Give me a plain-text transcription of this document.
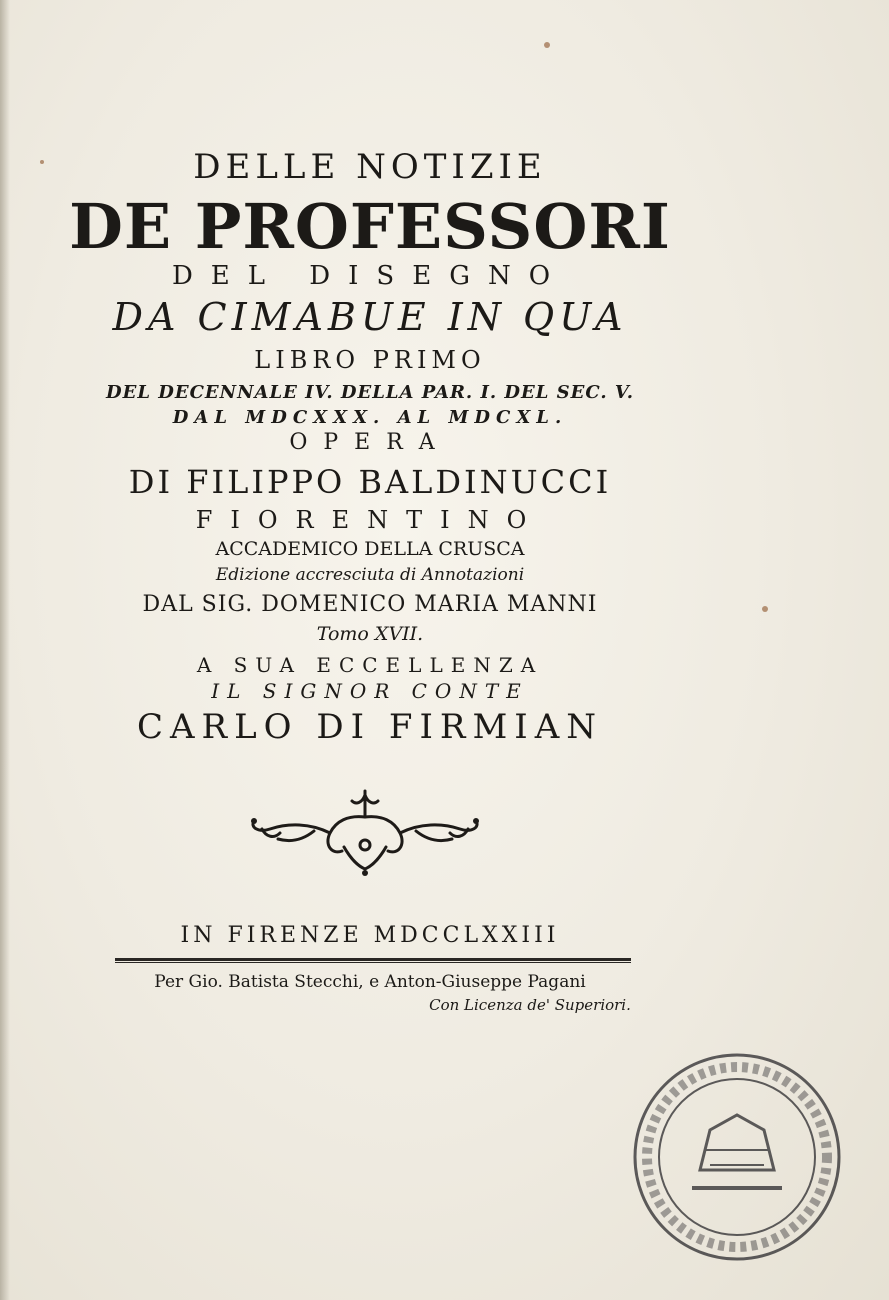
DELLE NOTIZIE
DE PROFESSORI
DEL DISEGNO
DA CIMABUE IN QUA
LIBRO PRIMO
DEL DECENNALE IV. DELLA PAR. I. DEL SEC. V.
DAL MDCXXX. AL MDCXL.
OPERA
DI FILIPPO BALDINUCCI
FIORENTINO
ACCADEMICO DELLA CRUSCA
Edizione accresciuta di Annotazioni
DAL SIG. DOMENICO MARIA MANNI
Tomo XVII.
A SUA ECCELLENZA
IL SIGNOR CONTE
CARLO DI FIRMIAN
IN FIRENZE MDCCLXXIII
Per Gio. Batista Stecchi, e Anton-Giuseppe Pagani
Con Licenza de' Superiori.
